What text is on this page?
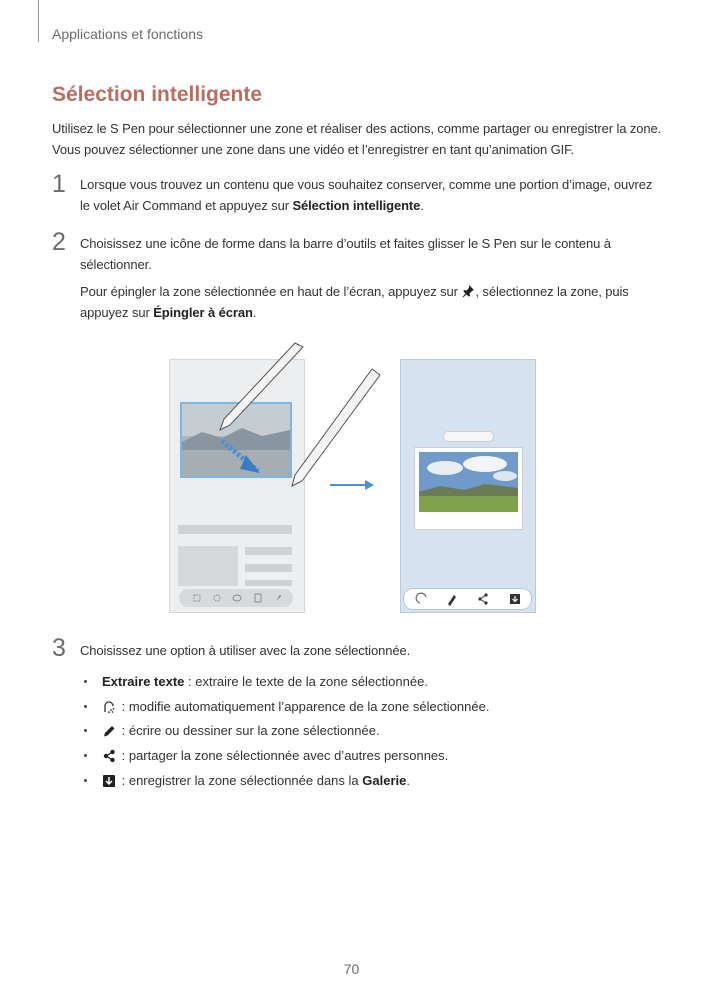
Applications et fonctions
Sélection intelligente
Utilisez le S Pen pour sélectionner une zone et réaliser des actions, comme partager ou enregistrer la zone. Vous pouvez sélectionner une zone dans une vidéo et l’enregistrer en tant qu’animation GIF.
1 Lorsque vous trouvez un contenu que vous souhaitez conserver, comme une portion d’image, ouvrez le volet Air Command et appuyez sur Sélection intelligente.
2 Choisissez une icône de forme dans la barre d’outils et faites glisser le S Pen sur le contenu à sélectionner.
Pour épingler la zone sélectionnée en haut de l’écran, appuyez sur , sélectionnez la zone, puis appuyez sur Épingler à écran.
3 Choisissez une option à utiliser avec la zone sélectionnée.
Extraire texte : extraire le texte de la zone sélectionnée.
: modifie automatiquement l’apparence de la zone sélectionnée.
: écrire ou dessiner sur la zone sélectionnée.
: partager la zone sélectionnée avec d’autres personnes.
: enregistrer la zone sélectionnée dans la Galerie.
70
